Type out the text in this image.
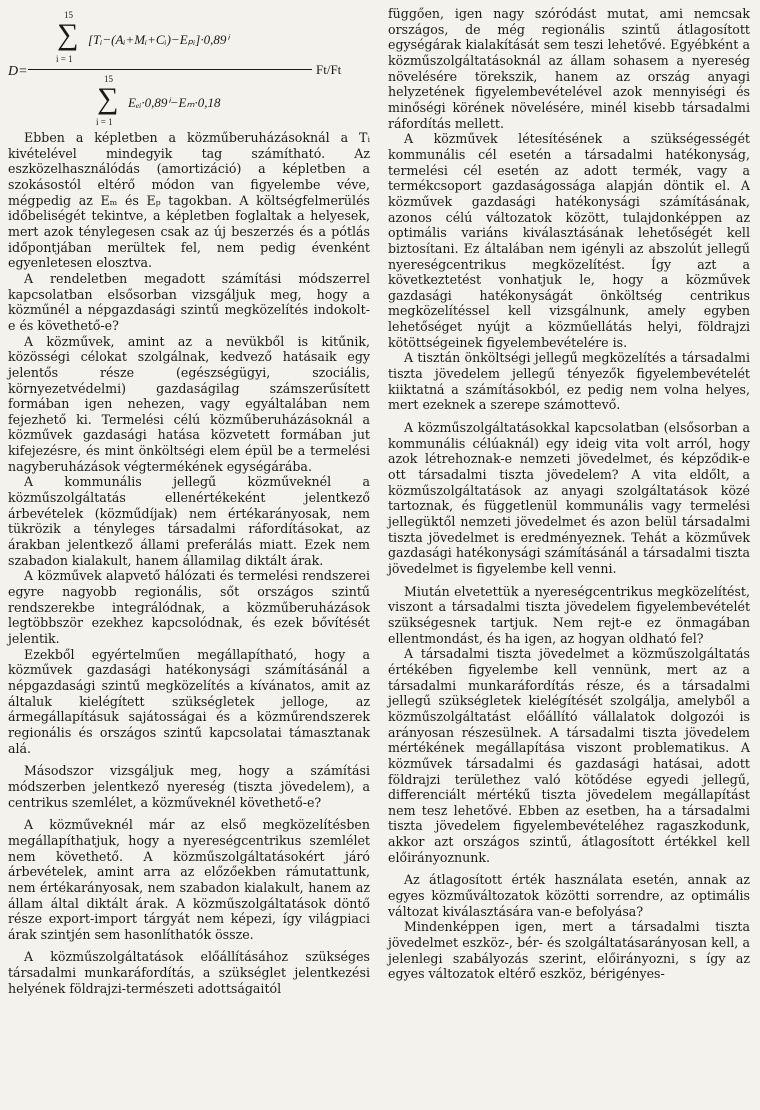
D=
15
∑
i = 1
[Tᵢ−(Aᵢ+Mᵢ+Cᵢ)−Eₚᵢ]·0,89ⁱ
15
∑
i = 1
Eₑᵢ·0,89ⁱ−Eₘ·0,18
Ft/Ft

Ebben a képletben a közműberuházásoknál a Tᵢ kivételével mindegyik tag számítható. Az eszközelhasználódás (amortizáció) a képletben a szokásostól eltérő módon van figyelembe véve, mégpedig az Eₘ és Eₚ tagokban. A költségfelmerülés időbeliségét tekintve, a képletben foglaltak a helyesek, mert azok ténylegesen csak az új beszerzés és a pótlás időpontjában merültek fel, nem pedig évenként egyenletesen elosztva.

A rendeletben megadott számítási módszerrel kapcsolatban elsősorban vizsgáljuk meg, hogy a közműnél a népgazdasági szintű megközelítés indokolt-e és követhető-e?

A közművek, amint az a nevükből is kitűnik, közösségi célokat szolgálnak, kedvező hatásaik egy jelentős része (egészségügyi, szociális, környezetvédelmi) gazdaságilag számszerűsített formában igen nehezen, vagy egyáltalában nem fejezhető ki. Termelési célú közműberuházásoknál a közművek gazdasági hatása közvetett formában jut kifejezésre, és mint önköltségi elem épül be a termelési nagyberuházások végtermékének egységárába.

A kommunális jellegű közműveknél a közműszolgáltatás ellenértékeként jelentkező árbevételek (közműdíjak) nem értékarányosak, nem tükrözik a tényleges társadalmi ráfordításokat, az árakban jelentkező állami preferálás miatt. Ezek nem szabadon kialakult, hanem államilag diktált árak.

A közművek alapvető hálózati és termelési rendszerei egyre nagyobb regionális, sőt országos szintű rendszerekbe integrálódnak, a közműberuházások legtöbbször ezekhez kapcsolódnak, és ezek bővítését jelentik.

Ezekből egyértelműen megállapítható, hogy a közművek gazdasági hatékonysági számításánál a népgazdasági szintű megközelítés a kívánatos, amit az általuk kielégített szükségletek jelloge, az ármegállapításuk sajátosságai és a közműrendszerek regionális és országos szintű kapcsolatai támasztanak alá.

Másodszor vizsgáljuk meg, hogy a számítási módszerben jelentkező nyereség (tiszta jövedelem), a centrikus szemlélet, a közműveknél követhető-e?

A közműveknél már az első megközelítésben megállapíthatjuk, hogy a nyereségcentrikus szemlélet nem követhető. A közműszolgáltatásokért járó árbevételek, amint arra az előzőekben rámutattunk, nem értékarányosak, nem szabadon kialakult, hanem az állam által diktált árak. A közműszolgáltatások döntő része export-import tárgyát nem képezi, így világpiaci árak szintjén sem hasonlíthatók össze.

A közműszolgáltatások előállításához szükséges társadalmi munkaráfordítás, a szükséglet jelentkezési helyének földrajzi-természeti adottságaitól

függően, igen nagy szóródást mutat, ami nemcsak országos, de még regionális szintű átlagosított egységárak kialakítását sem teszi lehetővé. Egyébként a közműszolgáltatásoknál az állam sohasem a nyereség növelésére törekszik, hanem az ország anyagi helyzetének figyelembevételével azok mennyiségi és minőségi körének növelésére, minél kisebb társadalmi ráfordítás mellett.

A közművek létesítésének a szükségességét kommunális cél esetén a társadalmi hatékonyság, termelési cél esetén az adott termék, vagy a termékcsoport gazdaságossága alapján döntik el. A közművek gazdasági hatékonysági számításának, azonos célú változatok között, tulajdonképpen az optimális variáns kiválasztásának lehetőségét kell biztosítani. Ez általában nem igényli az abszolút jellegű nyereségcentrikus megközelítést. Így azt a következtetést vonhatjuk le, hogy a közművek gazdasági hatékonyságát önköltség centrikus megközelítéssel kell vizsgálnunk, amely egyben lehetőséget nyújt a közműellátás helyi, földrajzi kötöttségeinek figyelembevételére is.

A tisztán önköltségi jellegű megközelítés a társadalmi tiszta jövedelem jellegű tényezők figyelembevételét kiiktatná a számításokból, ez pedig nem volna helyes, mert ezeknek a szerepe számottevő.

A közműszolgáltatásokkal kapcsolatban (elsősorban a kommunális célúaknál) egy ideig vita volt arról, hogy azok létrehoznak-e nemzeti jövedelmet, és képződik-e ott társadalmi tiszta jövedelem? A vita eldőlt, a közműszolgáltatások az anyagi szolgáltatások közé tartoznak, és függetlenül kommunális vagy termelési jellegüktől nemzeti jövedelmet és azon belül társadalmi tiszta jövedelmet is eredményeznek. Tehát a közművek gazdasági hatékonysági számításánál a társadalmi tiszta jövedelmet is figyelembe kell venni.

Miután elvetettük a nyereségcentrikus megközelítést, viszont a társadalmi tiszta jövedelem figyelembevételét szükségesnek tartjuk. Nem rejt-e ez önmagában ellentmondást, és ha igen, az hogyan oldható fel?

A társadalmi tiszta jövedelmet a közműszolgáltatás értékében figyelembe kell vennünk, mert az a társadalmi munkaráfordítás része, és a társadalmi jellegű szükségletek kielégítését szolgálja, amelyből a közműszolgáltatást előállító vállalatok dolgozói is arányosan részesülnek. A társadalmi tiszta jövedelem mértékének megállapítása viszont problematikus. A közművek társadalmi és gazdasági hatásai, adott földrajzi területhez való kötődése egyedi jellegű, differenciált mértékű tiszta jövedelem megállapítást nem tesz lehetővé. Ebben az esetben, ha a társadalmi tiszta jövedelem figyelembevételéhez ragaszkodunk, akkor azt országos szintű, átlagosított értékkel kell előirányoznunk.

Az átlagosított érték használata esetén, annak az egyes közműváltozatok közötti sorrendre, az optimális változat kiválasztására van-e befolyása?

Mindenképpen igen, mert a társadalmi tiszta jövedelmet eszköz-, bér- és szolgáltatásarányosan kell, a jelenlegi szabályozás szerint, előirányozni, s így az egyes változatok eltérő eszköz, bérigényes-
